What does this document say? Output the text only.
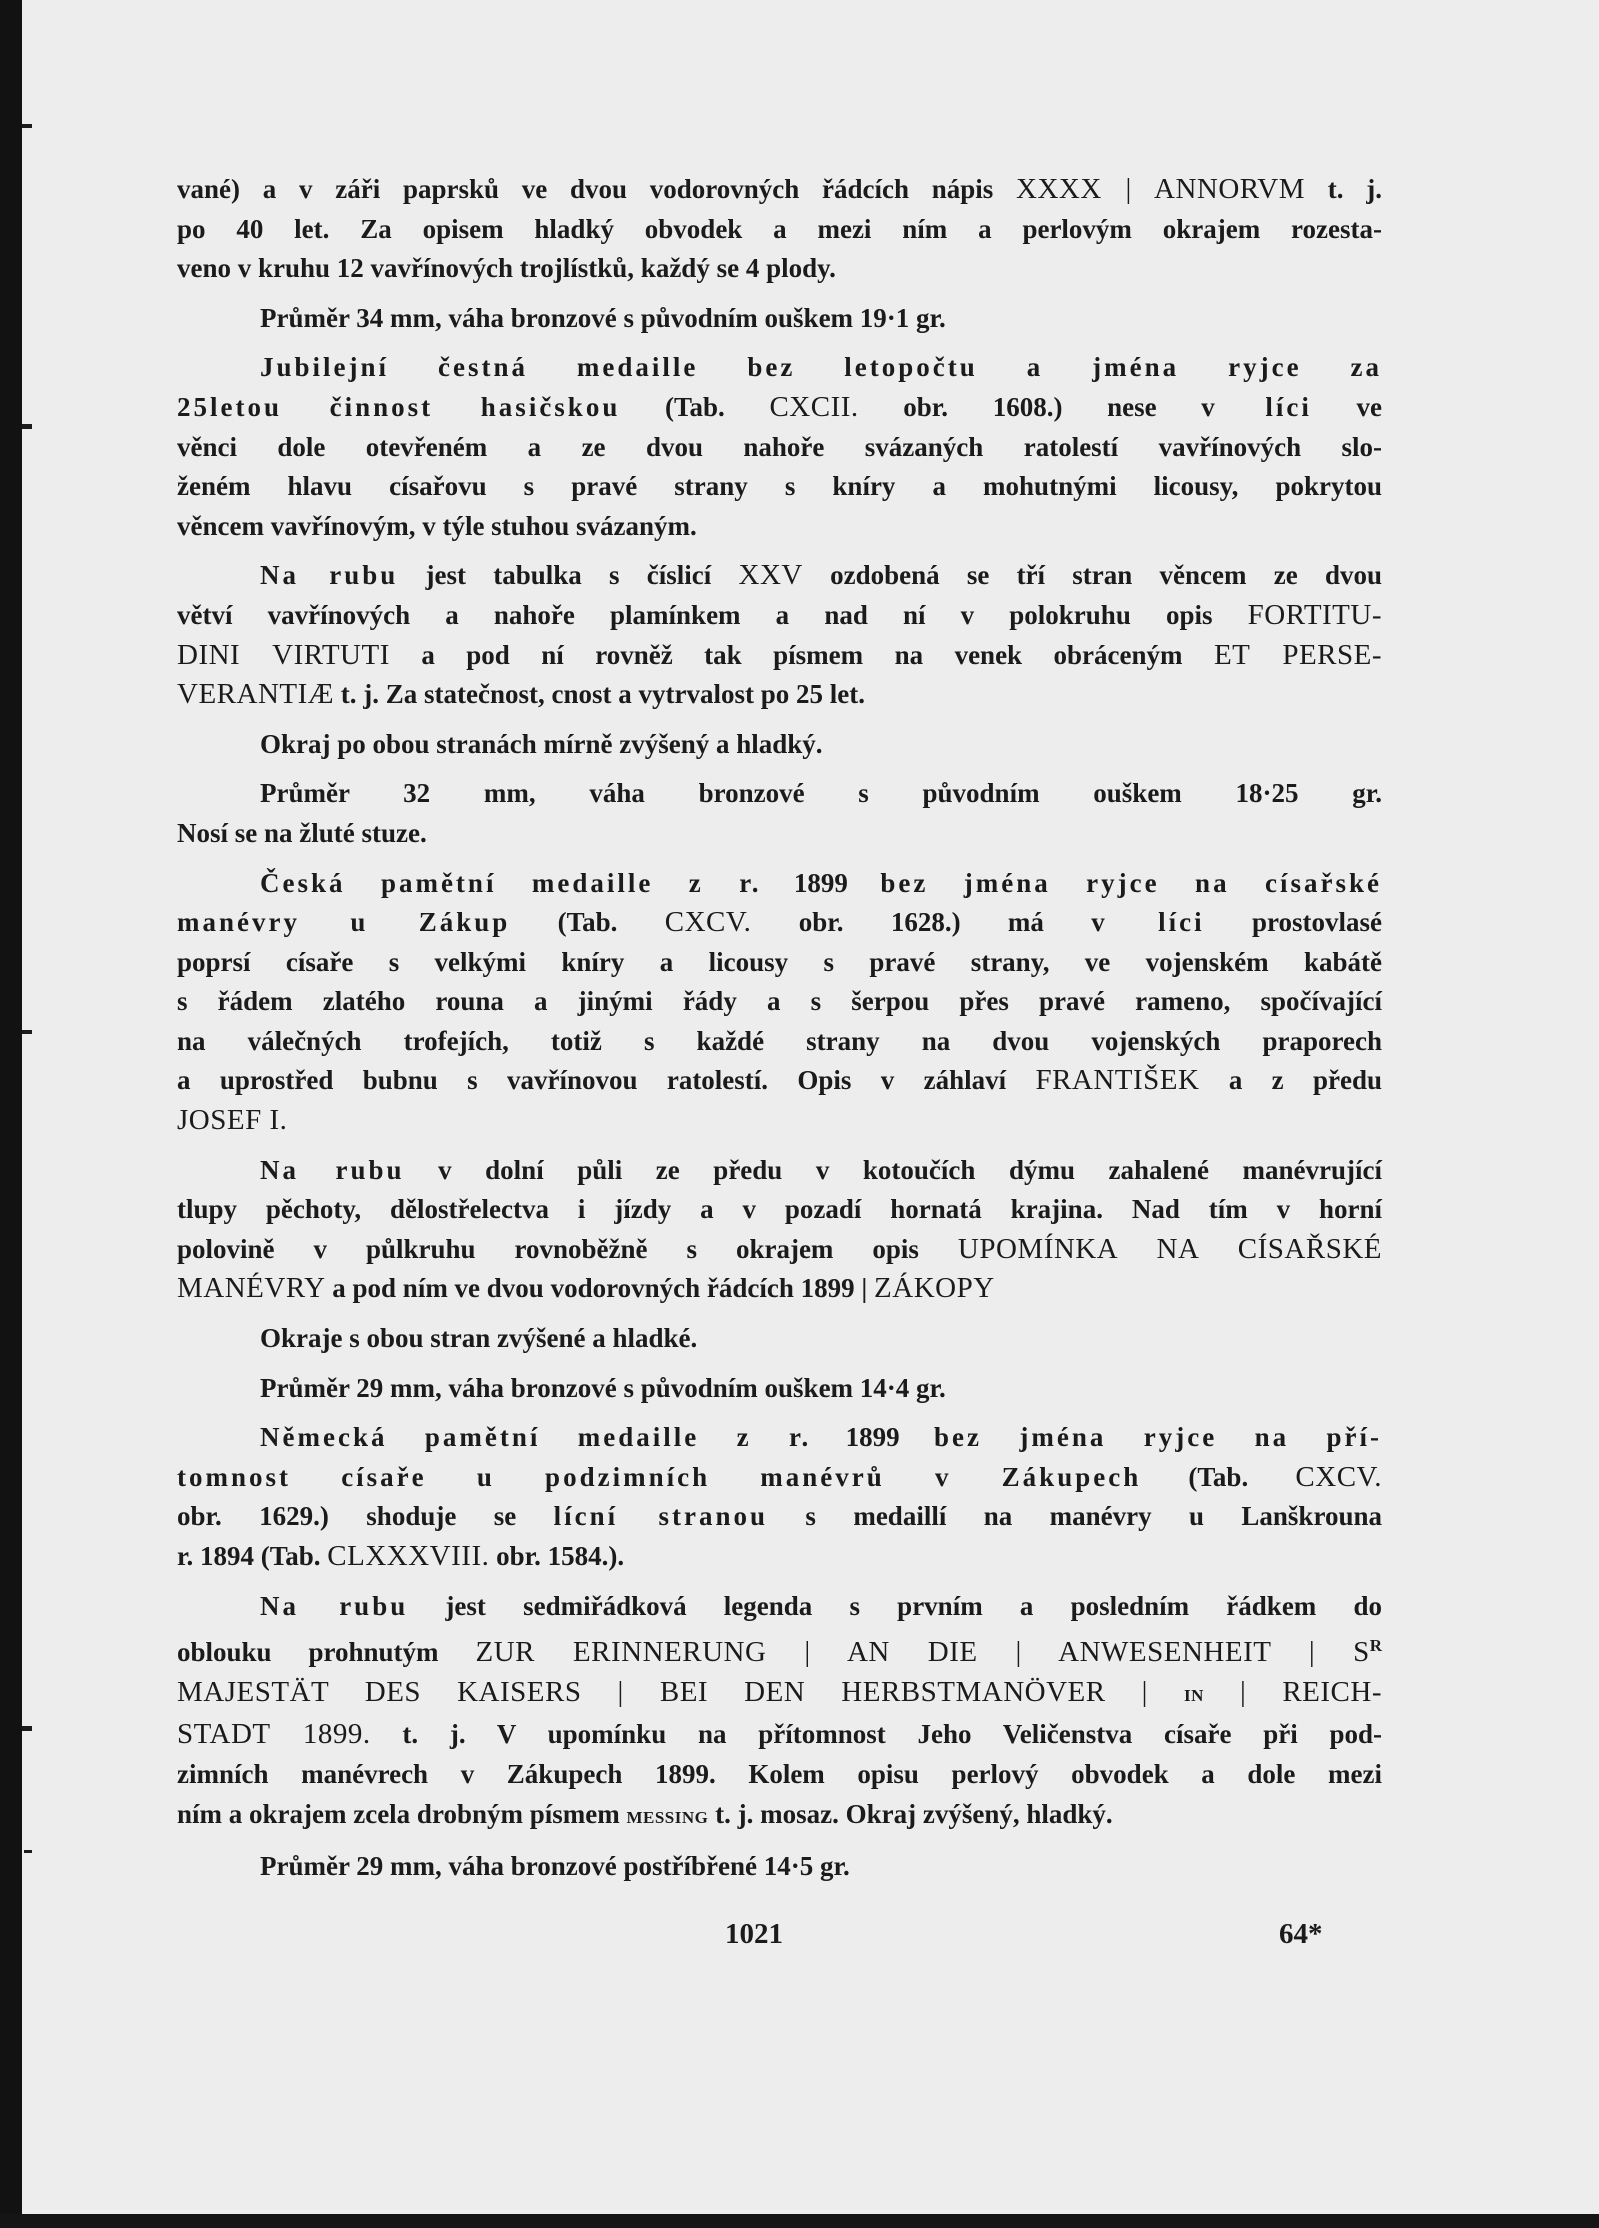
vané) a v záři paprsků ve dvou vodorovných řádcích nápis XXXX | ANNORVM t. j.

po 40 let. Za opisem hladký obvodek a mezi ním a perlovým okrajem rozesta-

veno v kruhu 12 vavřínových trojlístků, každý se 4 plody.

Průměr 34 mm, váha bronzové s původním ouškem 19·1 gr.

Jubilejní čestná medaille bez letopočtu a jména ryjce za

25letou činnost hasičskou (Tab. CXCII. obr. 1608.) nese v líci ve

věnci dole otevřeném a ze dvou nahoře svázaných ratolestí vavřínových slo-

ženém hlavu císařovu s pravé strany s kníry a mohutnými licousy, pokrytou

věncem vavřínovým, v týle stuhou svázaným.

Na rubu jest tabulka s číslicí XXV ozdobená se tří stran věncem ze dvou

větví vavřínových a nahoře plamínkem a nad ní v polokruhu opis FORTITU-

DINI VIRTUTI a pod ní rovněž tak písmem na venek obráceným ET PERSE-

VERANTIÆ t. j. Za statečnost, cnost a vytrvalost po 25 let.

Okraj po obou stranách mírně zvýšený a hladký.

Průměr 32 mm, váha bronzové s původním ouškem 18·25 gr.

Nosí se na žluté stuze.

Česká pamětní medaille z r. 1899 bez jména ryjce na císařské

manévry u Zákup (Tab. CXCV. obr. 1628.) má v líci prostovlasé

poprsí císaře s velkými kníry a licousy s pravé strany, ve vojenském kabátě

s řádem zlatého rouna a jinými řády a s šerpou přes pravé rameno, spočívající

na válečných trofejích, totiž s každé strany na dvou vojenských praporech

a uprostřed bubnu s vavřínovou ratolestí. Opis v záhlaví FRANTIŠEK a z předu

JOSEF I.

Na rubu v dolní půli ze předu v kotoučích dýmu zahalené manévrující

tlupy pěchoty, dělostřelectva i jízdy a v pozadí hornatá krajina. Nad tím v horní

polovině v půlkruhu rovnoběžně s okrajem opis UPOMÍNKA NA CÍSAŘSKÉ

MANÉVRY a pod ním ve dvou vodorovných řádcích 1899 | ZÁKOPY

Okraje s obou stran zvýšené a hladké.

Průměr 29 mm, váha bronzové s původním ouškem 14·4 gr.

Německá pamětní medaille z r. 1899 bez jména ryjce na pří-

tomnost císaře u podzimních manévrů v Zákupech (Tab. CXCV.

obr. 1629.) shoduje se lícní stranou s medaillí na manévry u Lanškrouna

r. 1894 (Tab. CLXXXVIII. obr. 1584.).

Na rubu jest sedmiřádková legenda s prvním a posledním řádkem do

oblouku prohnutým ZUR ERINNERUNG | AN DIE | ANWESENHEIT | $S^R$

MAJESTÄT DES KAISERS | BEI DEN HERBSTMANÖVER | IN | REICH-

STADT 1899. t. j. V upomínku na přítomnost Jeho Veličenstva císaře při pod-

zimních manévrech v Zákupech 1899. Kolem opisu perlový obvodek a dole mezi

ním a okrajem zcela drobným písmem MESSING t. j. mosaz. Okraj zvýšený, hladký.

Průměr 29 mm, váha bronzové postříbřené 14·5 gr.

1021	64*
